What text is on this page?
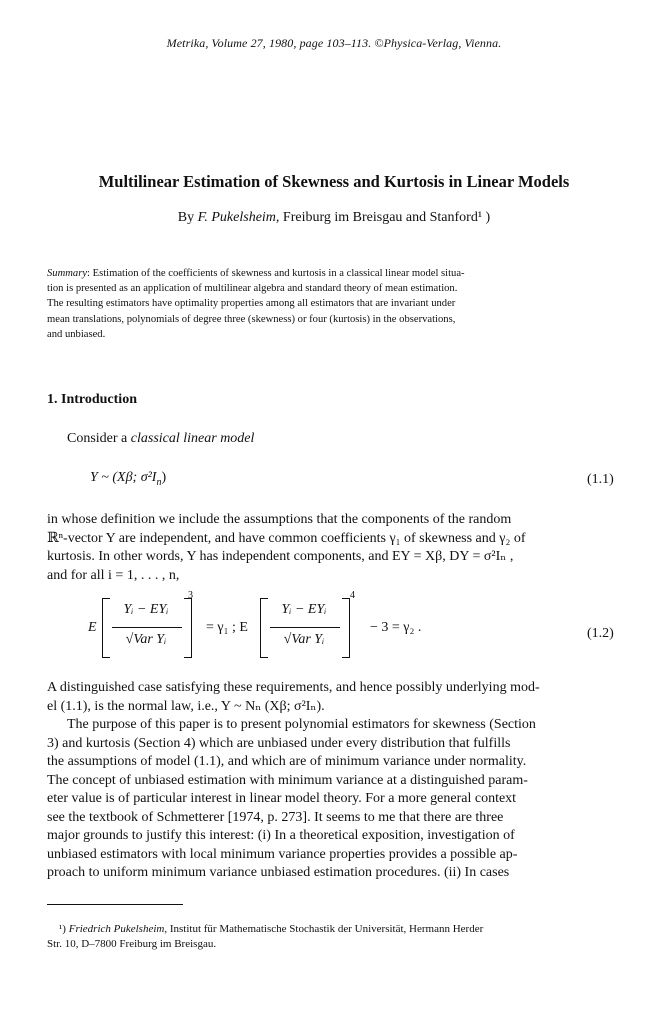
Metrika, Volume 27, 1980, page 103–113. ©Physica-Verlag, Vienna.
Multilinear Estimation of Skewness and Kurtosis in Linear Models
By F. Pukelsheim, Freiburg im Breisgau and Stanford¹ )
Summary: Estimation of the coefficients of skewness and kurtosis in a classical linear model situa-
tion is presented as an application of multilinear algebra and standard theory of mean estimation.
The resulting estimators have optimality properties among all estimators that are invariant under
mean translations, polynomials of degree three (skewness) or four (kurtosis) in the observations,
and unbiased.
1. Introduction
Consider a classical linear model
Y ~ (Xβ; $\sigma^2I_n$)	(1.1)
in whose definition we include the assumptions that the components of the random
ℝⁿ-vector Y are independent, and have common coefficients γ₁ of skewness and γ₂ of
kurtosis. In other words, Y has independent components, and EY = Xβ, DY = σ²Iₙ ,
and for all i = 1, . . . , n,
E
Yᵢ − EYᵢ
√Var Yᵢ
3
= γ₁ ; E
Yᵢ − EYᵢ
√Var Yᵢ
4
− 3 = γ₂ .	(1.2)
A distinguished case satisfying these requirements, and hence possibly underlying mod-
el (1.1), is the normal law, i.e., Y ~ Nₙ (Xβ; σ²Iₙ).
The purpose of this paper is to present polynomial estimators for skewness (Section
3) and kurtosis (Section 4) which are unbiased under every distribution that fulfills
the assumptions of model (1.1), and which are of minimum variance under normality.
The concept of unbiased estimation with minimum variance at a distinguished param-
eter value is of particular interest in linear model theory. For a more general context
see the textbook of Schmetterer [1974, p. 273]. It seems to me that there are three
major grounds to justify this interest: (i) In a theoretical exposition, investigation of
unbiased estimators with local minimum variance properties provides a possible ap-
proach to uniform minimum variance unbiased estimation procedures. (ii) In cases
¹) Friedrich Pukelsheim, Institut für Mathematische Stochastik der Universität, Hermann Herder
Str. 10, D–7800 Freiburg im Breisgau.
